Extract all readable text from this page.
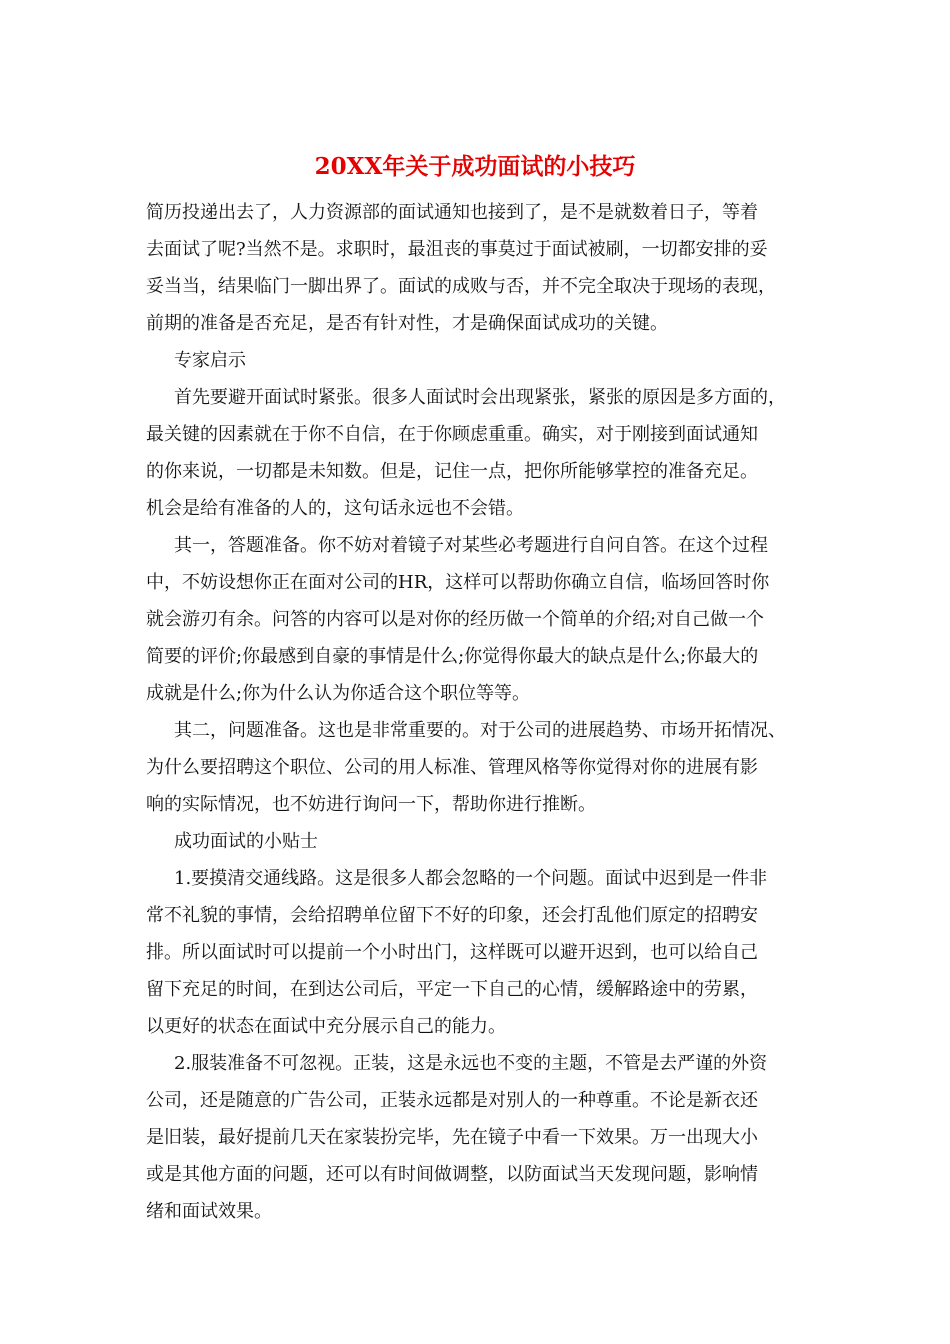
20XX年关于成功面试的小技巧
简历投递出去了，人力资源部的面试通知也接到了，是不是就数着日子，等着
去面试了呢?当然不是。求职时，最沮丧的事莫过于面试被刷，一切都安排的妥
妥当当，结果临门一脚出界了。面试的成败与否，并不完全取决于现场的表现，
前期的准备是否充足，是否有针对性，才是确保面试成功的关键。
专家启示
首先要避开面试时紧张。很多人面试时会出现紧张，紧张的原因是多方面的，
最关键的因素就在于你不自信，在于你顾虑重重。确实，对于刚接到面试通知
的你来说，一切都是未知数。但是，记住一点，把你所能够掌控的准备充足。
机会是给有准备的人的，这句话永远也不会错。
其一，答题准备。你不妨对着镜子对某些必考题进行自问自答。在这个过程
中，不妨设想你正在面对公司的HR，这样可以帮助你确立自信，临场回答时你
就会游刃有余。问答的内容可以是对你的经历做一个简单的介绍;对自己做一个
简要的评价;你最感到自豪的事情是什么;你觉得你最大的缺点是什么;你最大的
成就是什么;你为什么认为你适合这个职位等等。
其二，问题准备。这也是非常重要的。对于公司的进展趋势、市场开拓情况、
为什么要招聘这个职位、公司的用人标准、管理风格等你觉得对你的进展有影
响的实际情况，也不妨进行询问一下，帮助你进行推断。
成功面试的小贴士
1.要摸清交通线路。这是很多人都会忽略的一个问题。面试中迟到是一件非
常不礼貌的事情，会给招聘单位留下不好的印象，还会打乱他们原定的招聘安
排。所以面试时可以提前一个小时出门，这样既可以避开迟到，也可以给自己
留下充足的时间，在到达公司后，平定一下自己的心情，缓解路途中的劳累，
以更好的状态在面试中充分展示自己的能力。
2.服装准备不可忽视。正装，这是永远也不变的主题，不管是去严谨的外资
公司，还是随意的广告公司，正装永远都是对别人的一种尊重。不论是新衣还
是旧装，最好提前几天在家装扮完毕，先在镜子中看一下效果。万一出现大小
或是其他方面的问题，还可以有时间做调整，以防面试当天发现问题，影响情
绪和面试效果。
